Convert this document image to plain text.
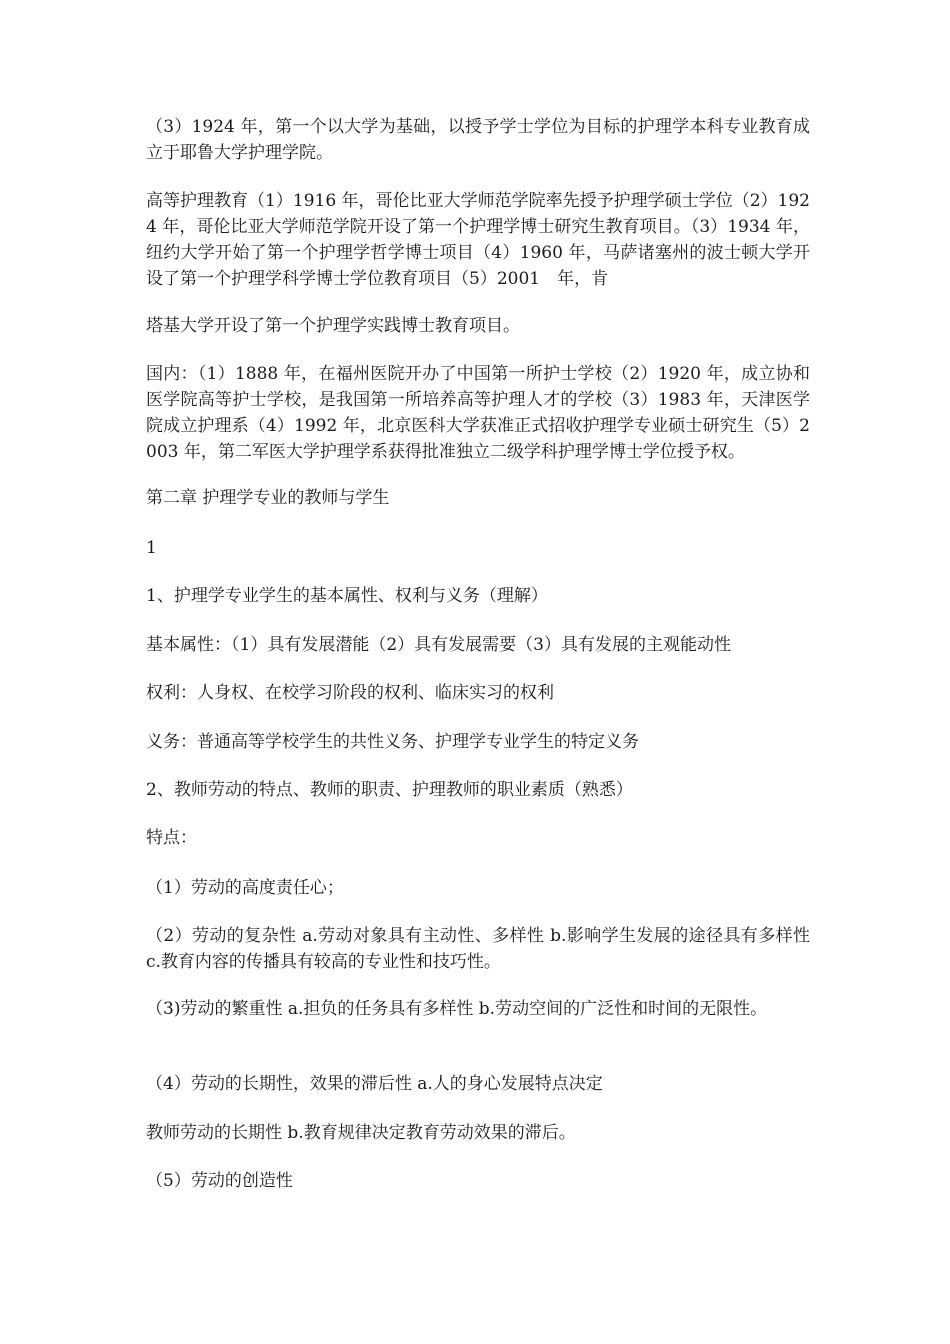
（3）1924 年，第一个以大学为基础，以授予学士学位为目标的护理学本科专业教育成立于耶鲁大学护理学院。

高等护理教育（1）1916 年，哥伦比亚大学师范学院率先授予护理学硕士学位（2）1924 年，哥伦比亚大学师范学院开设了第一个护理学博士研究生教育项目。（3）1934 年，纽约大学开始了第一个护理学哲学博士项目（4）1960 年，马萨诸塞州的波士顿大学开设了第一个护理学科学博士学位教育项目（5）2001　年，肯

塔基大学开设了第一个护理学实践博士教育项目。

国内：（1）1888 年，在福州医院开办了中国第一所护士学校（2）1920 年，成立协和医学院高等护士学校，是我国第一所培养高等护理人才的学校（3）1983 年，天津医学院成立护理系（4）1992 年，北京医科大学获准正式招收护理学专业硕士研究生（5）2003 年，第二军医大学护理学系获得批准独立二级学科护理学博士学位授予权。

第二章 护理学专业的教师与学生

1

1、护理学专业学生的基本属性、权利与义务（理解）

基本属性：（1）具有发展潜能（2）具有发展需要（3）具有发展的主观能动性

权利：人身权、在校学习阶段的权利、临床实习的权利

义务：普通高等学校学生的共性义务、护理学专业学生的特定义务

2、教师劳动的特点、教师的职责、护理教师的职业素质（熟悉）

特点：

（1）劳动的高度责任心；

（2）劳动的复杂性 a.劳动对象具有主动性、多样性 b.影响学生发展的途径具有多样性 c.教育内容的传播具有较高的专业性和技巧性。

（3)劳动的繁重性 a.担负的任务具有多样性 b.劳动空间的广泛性和时间的无限性。

（4）劳动的长期性，效果的滞后性 a.人的身心发展特点决定

教师劳动的长期性 b.教育规律决定教育劳动效果的滞后。

（5）劳动的创造性
